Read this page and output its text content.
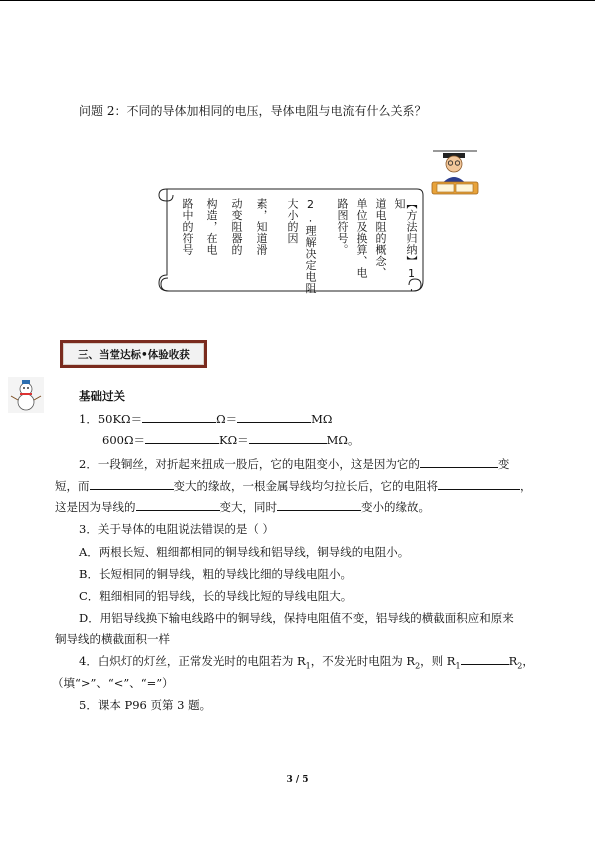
问题 2：不同的导体加相同的电压，导体电阻与电流有什么关系？
【方法归纳】1.知
道电阻的概念、
单位及换算、电
路图符号。
2.理解决定电阻
大小的因
素，知道滑
动变阻器的
构造，在电
路中的符号
三、当堂达标•体验收获
基础过关
1．50KΩ＝	Ω＝	MΩ
600Ω＝	KΩ＝	MΩ。
2．一段铜丝，对折起来扭成一股后，它的电阻变小，这是因为它的	变
短，而	变大的缘故，一根金属导线均匀拉长后，它的电阻将	，
这是因为导线的	变大，同时	变小的缘故。
3．关于导体的电阻说法错误的是（ ）
A．两根长短、粗细都相同的铜导线和铝导线，铜导线的电阻小。
B．长短相同的铜导线，粗的导线比细的导线电阻小。
C．粗细相同的铝导线，长的导线比短的导线电阻大。
D．用铝导线换下输电线路中的铜导线，保持电阻值不变，铝导线的横截面积应和原来
铜导线的横截面积一样
4．白炽灯的灯丝，正常发光时的电阻若为 $R_1$，不发光时电阻为 $R_2$，则 $R_1$	$R_2$，
（填“>”、“<”、“=”）
5．课本 P96 页第 3 题。
3 / 5
